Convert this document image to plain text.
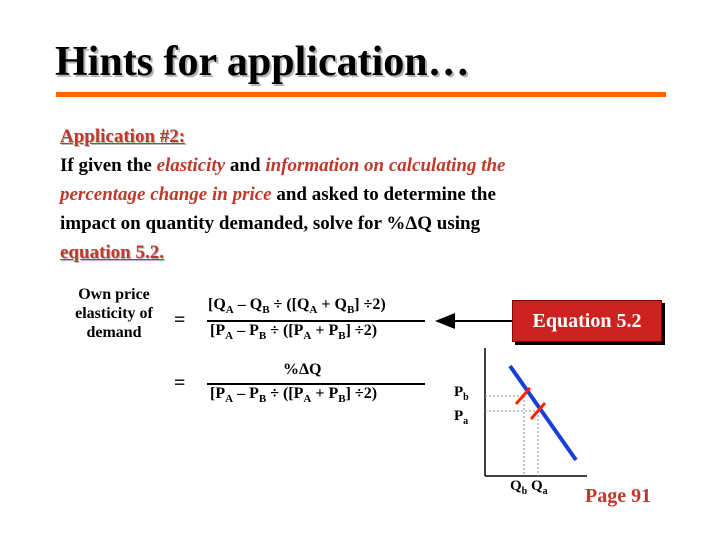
Hints for application…
Application #2:
If given the elasticity and information on calculating the
percentage change in price and asked to determine the
impact on quantity demanded, solve for %ΔQ using
equation 5.2.
Own price
elasticity of
demand
=
[$Q_A - Q_B \div ([Q_A + Q_B] \div 2)$
[$P_A - P_B \div ([P_A + P_B] \div 2)$
=
%ΔQ
[$P_A - P_B \div ([P_A + P_B] \div 2)$
Equation 5.2
$P_b$
$P_a$
$Q_b$ $Q_a$ Page 91
